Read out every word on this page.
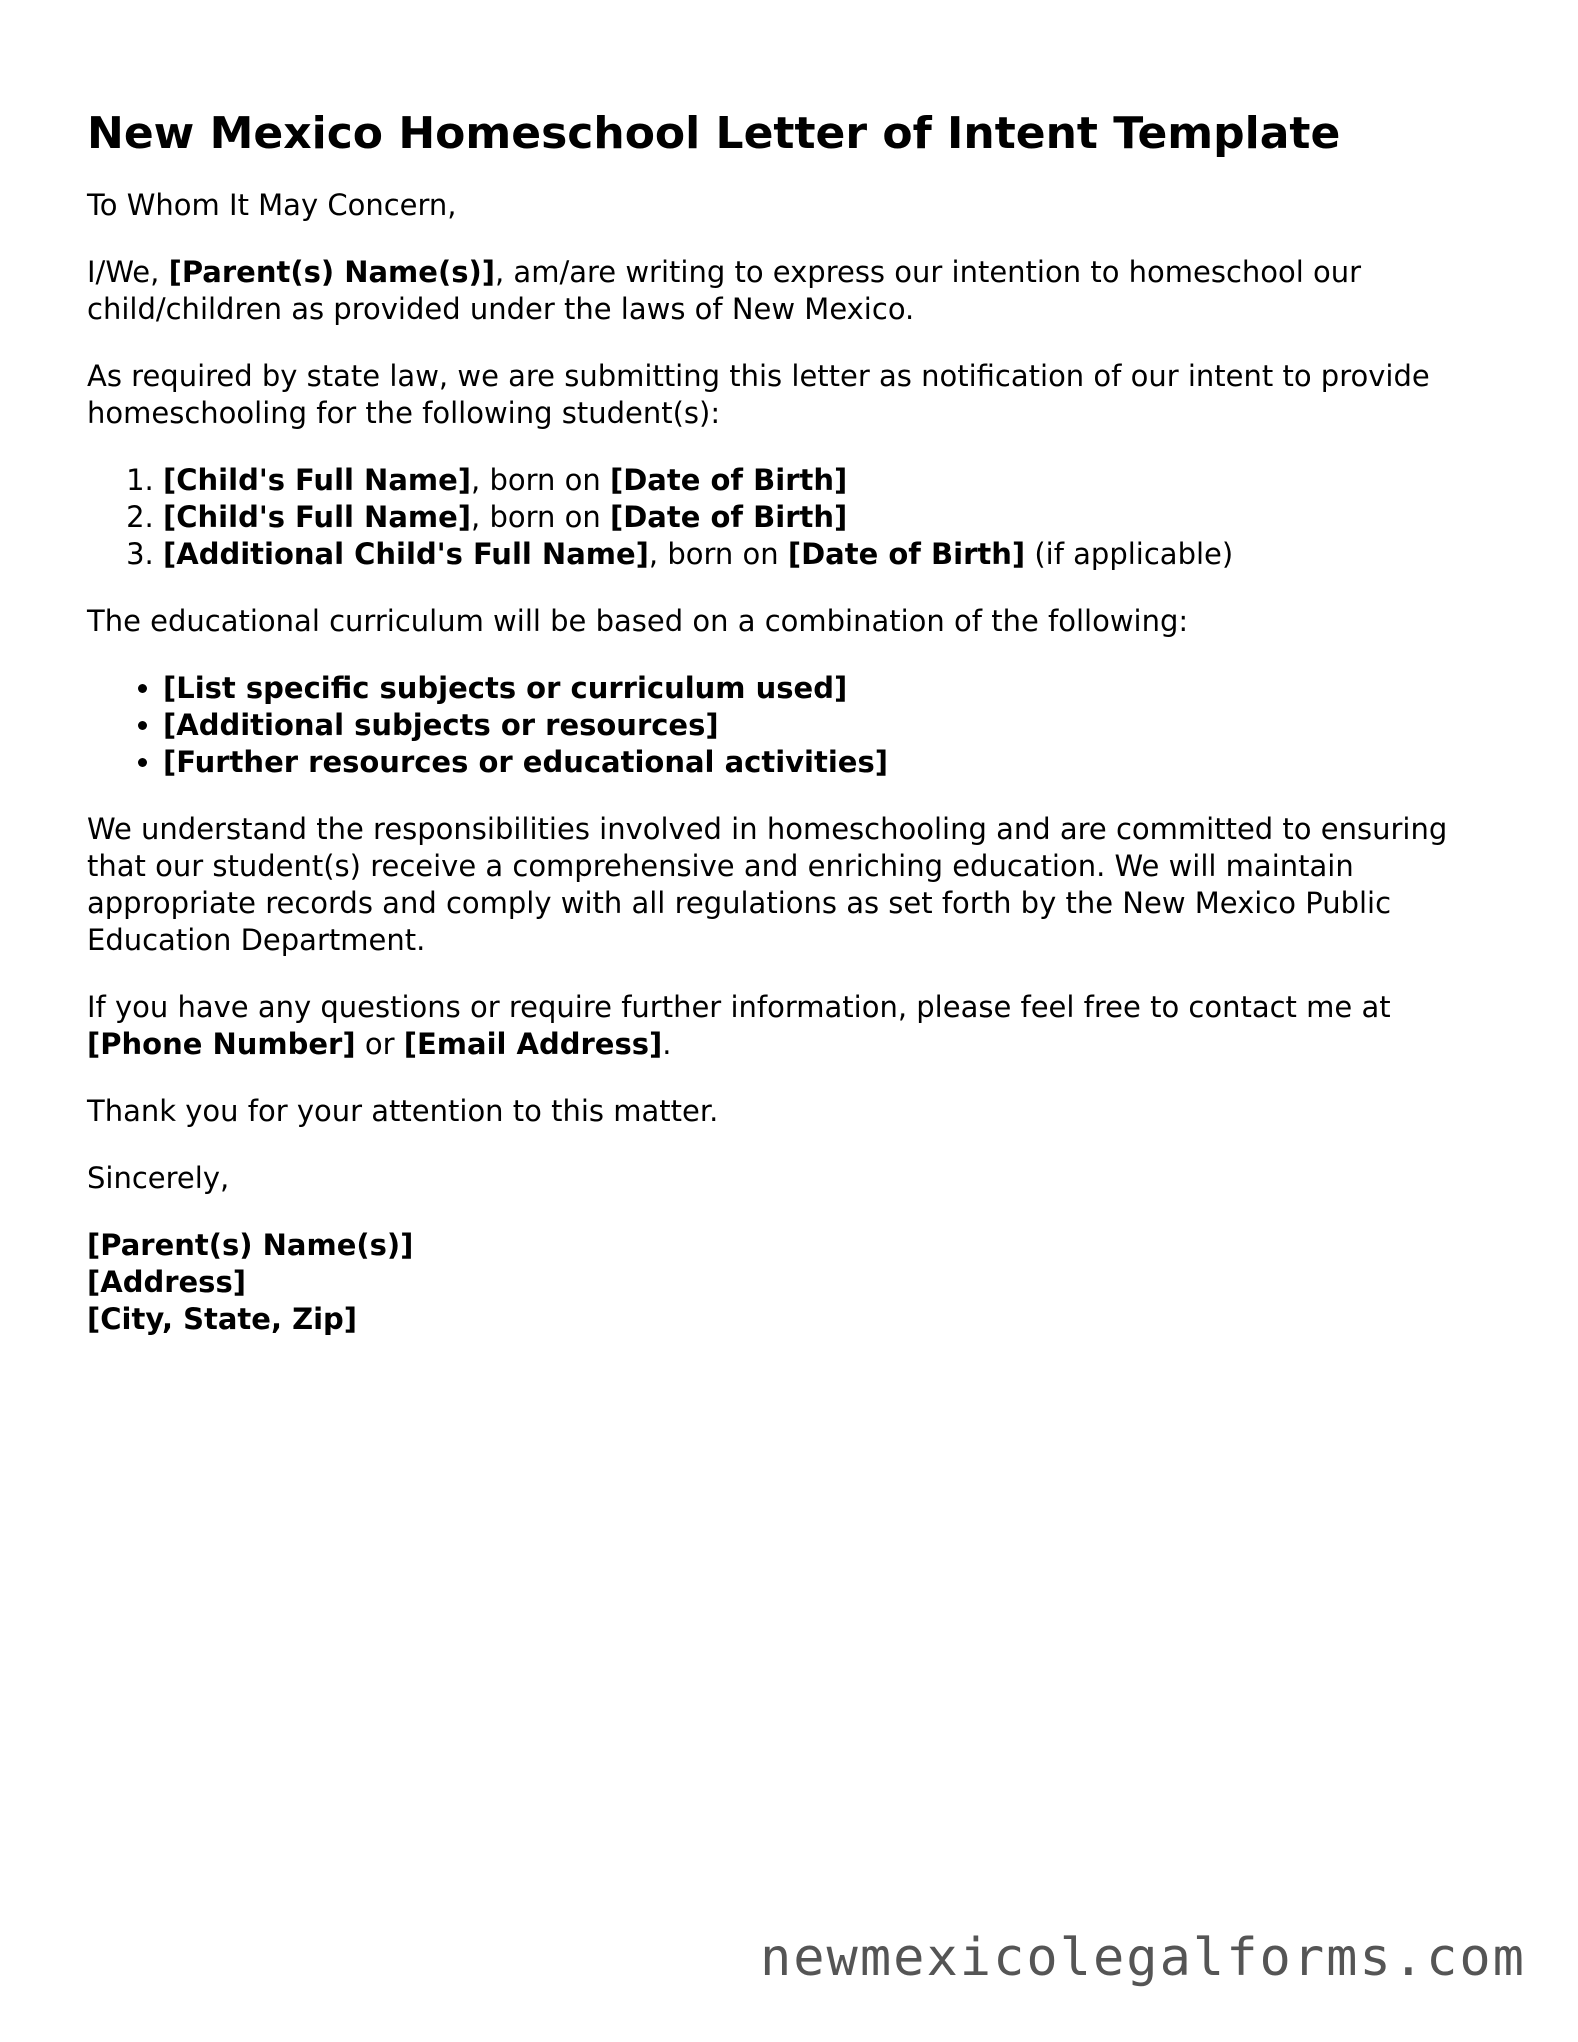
New Mexico Homeschool Letter of Intent Template

To Whom It May Concern,

I/We, [Parent(s) Name(s)], am/are writing to express our intention to homeschool our child/children as provided under the laws of New Mexico.

As required by state law, we are submitting this letter as notification of our intent to provide homeschooling for the following student(s):

1. [Child's Full Name], born on [Date of Birth]
2. [Child's Full Name], born on [Date of Birth]
3. [Additional Child's Full Name], born on [Date of Birth] (if applicable)

The educational curriculum will be based on a combination of the following:

• [List specific subjects or curriculum used]
• [Additional subjects or resources]
• [Further resources or educational activities]

We understand the responsibilities involved in homeschooling and are committed to ensuring that our student(s) receive a comprehensive and enriching education. We will maintain appropriate records and comply with all regulations as set forth by the New Mexico Public Education Department.

If you have any questions or require further information, please feel free to contact me at [Phone Number] or [Email Address].

Thank you for your attention to this matter.

Sincerely,

[Parent(s) Name(s)]
[Address]
[City, State, Zip]
newmexicolegalforms.com
